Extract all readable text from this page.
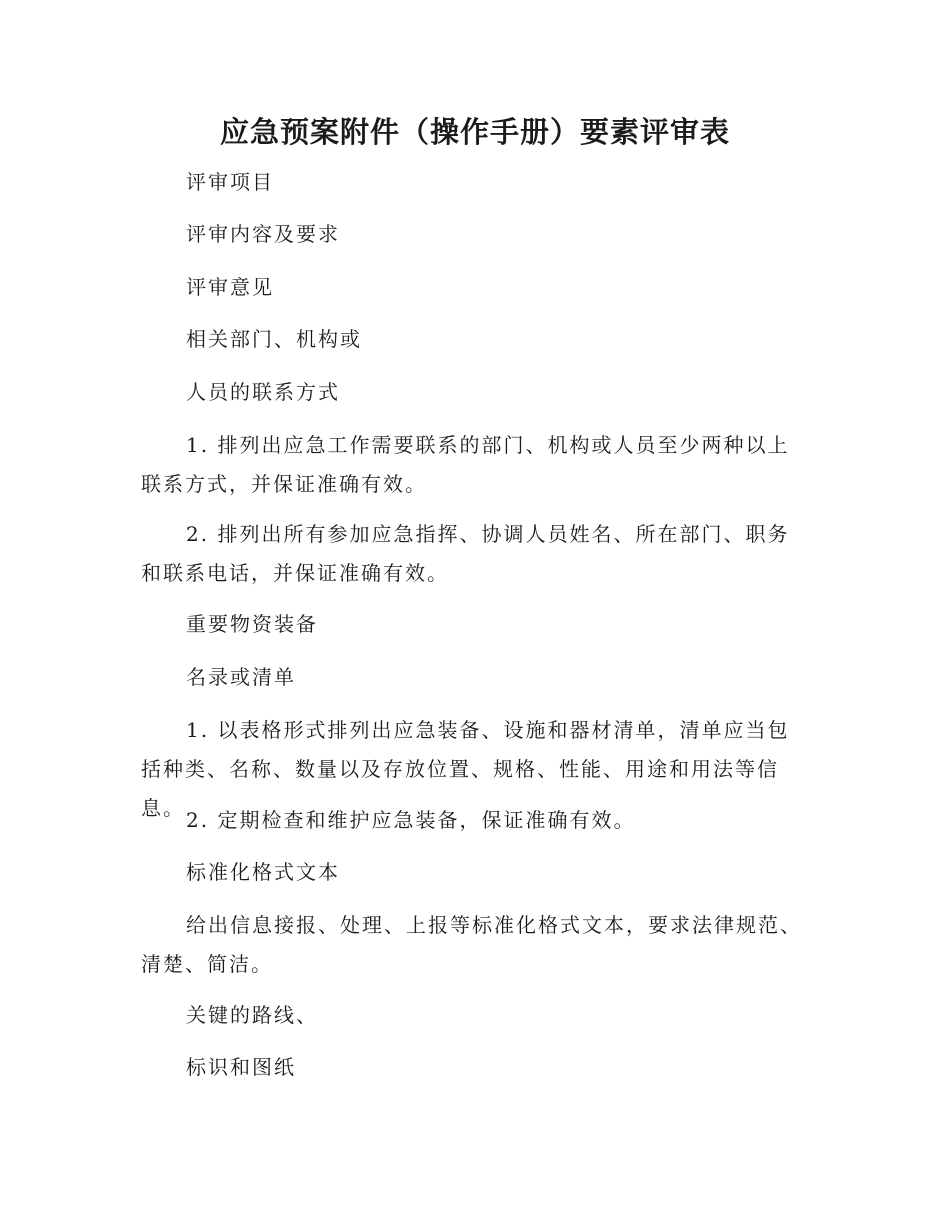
应急预案附件（操作手册）要素评审表

评审项目

评审内容及要求

评审意见

相关部门、机构或

人员的联系方式

1. 排列出应急工作需要联系的部门、机构或人员至少两种以上联系方式，并保证准确有效。

2. 排列出所有参加应急指挥、协调人员姓名、所在部门、职务和联系电话，并保证准确有效。

重要物资装备

名录或清单

1. 以表格形式排列出应急装备、设施和器材清单，清单应当包括种类、名称、数量以及存放位置、规格、性能、用途和用法等信息。 2. 定期检查和维护应急装备，保证准确有效。

标准化格式文本

给出信息接报、处理、上报等标准化格式文本，要求法律规范、清楚、简洁。

关键的路线、

标识和图纸
